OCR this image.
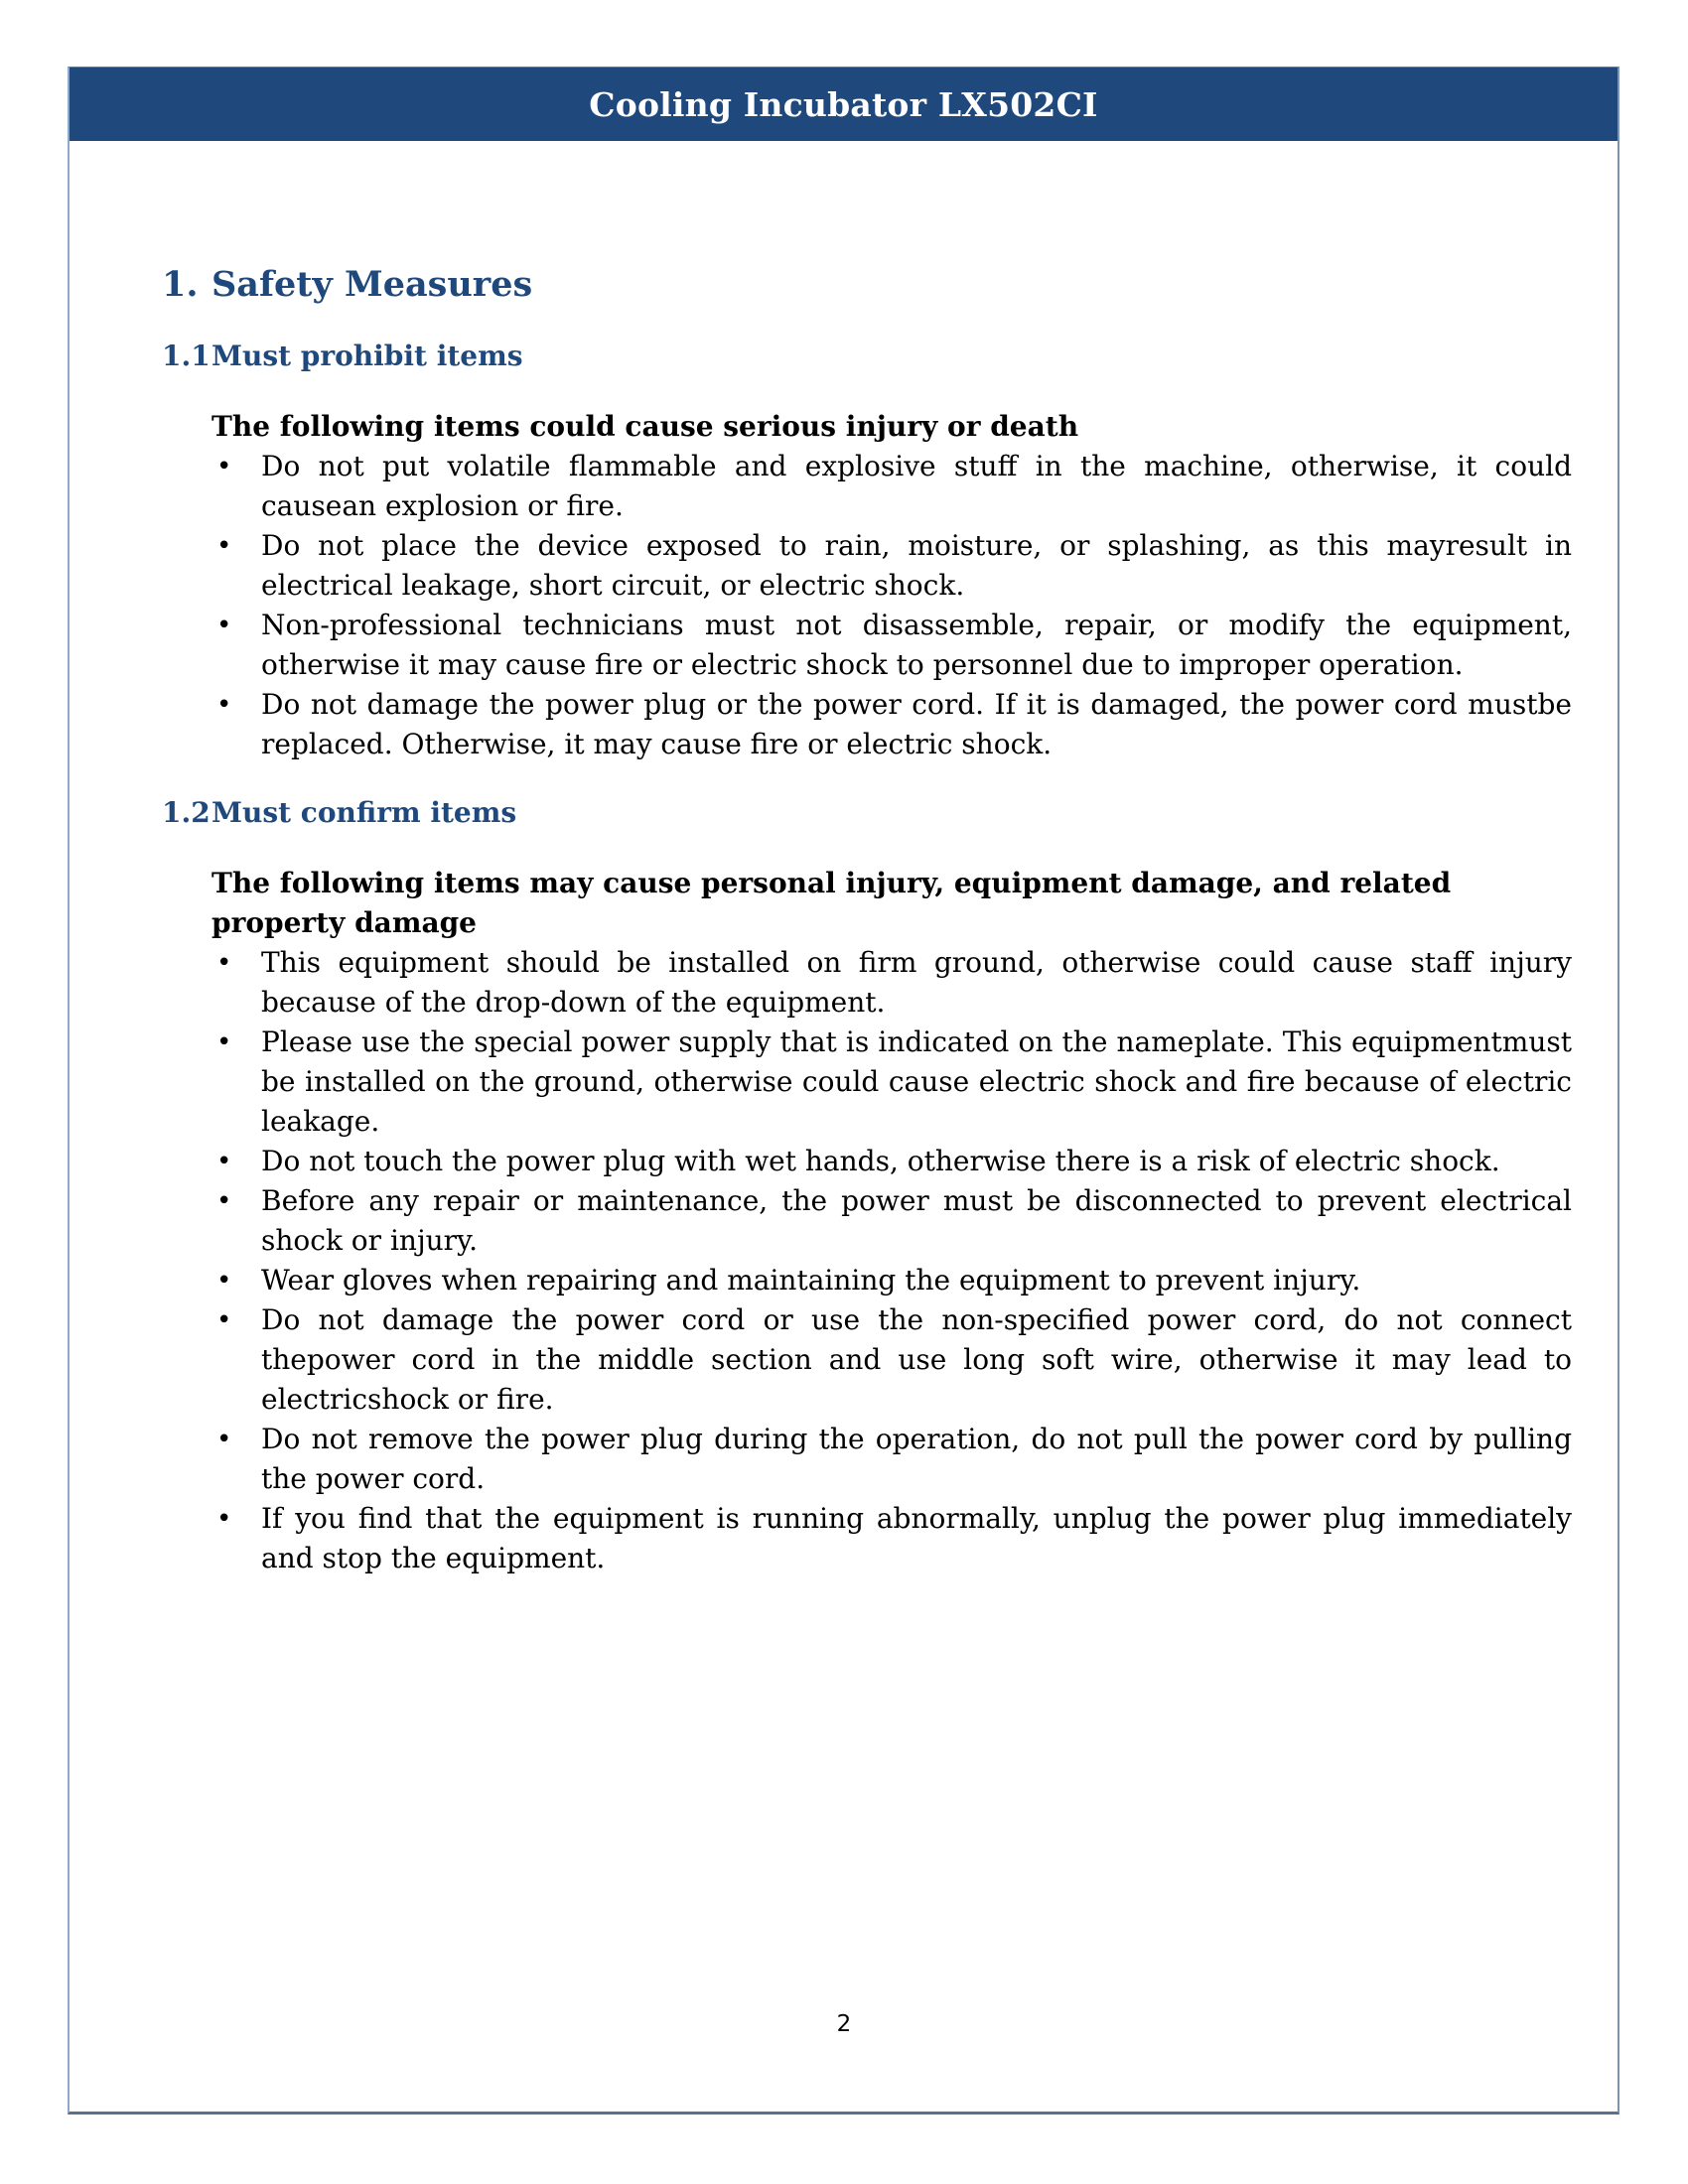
Cooling Incubator LX502CI
1. Safety Measures
1.1 Must prohibit items
The following items could cause serious injury or death
• Do not put volatile flammable and explosive stuff in the machine, otherwise, it could causean explosion or fire.
• Do not place the device exposed to rain, moisture, or splashing, as this mayresult in electrical leakage, short circuit, or electric shock.
• Non-professional technicians must not disassemble, repair, or modify the equipment, otherwise it may cause fire or electric shock to personnel due to improper operation.
• Do not damage the power plug or the power cord. If it is damaged, the power cord mustbe replaced. Otherwise, it may cause fire or electric shock.
1.2 Must confirm items
The following items may cause personal injury, equipment damage, and related property damage
• This equipment should be installed on firm ground, otherwise could cause staff injury because of the drop-down of the equipment.
• Please use the special power supply that is indicated on the nameplate. This equipmentmust be installed on the ground, otherwise could cause electric shock and fire because of electric leakage.
• Do not touch the power plug with wet hands, otherwise there is a risk of electric shock.
• Before any repair or maintenance, the power must be disconnected to prevent electrical shock or injury.
• Wear gloves when repairing and maintaining the equipment to prevent injury.
• Do not damage the power cord or use the non-specified power cord, do not connect thepower cord in the middle section and use long soft wire, otherwise it may lead to electricshock or fire.
• Do not remove the power plug during the operation, do not pull the power cord by pulling the power cord.
• If you find that the equipment is running abnormally, unplug the power plug immediately and stop the equipment.
2
